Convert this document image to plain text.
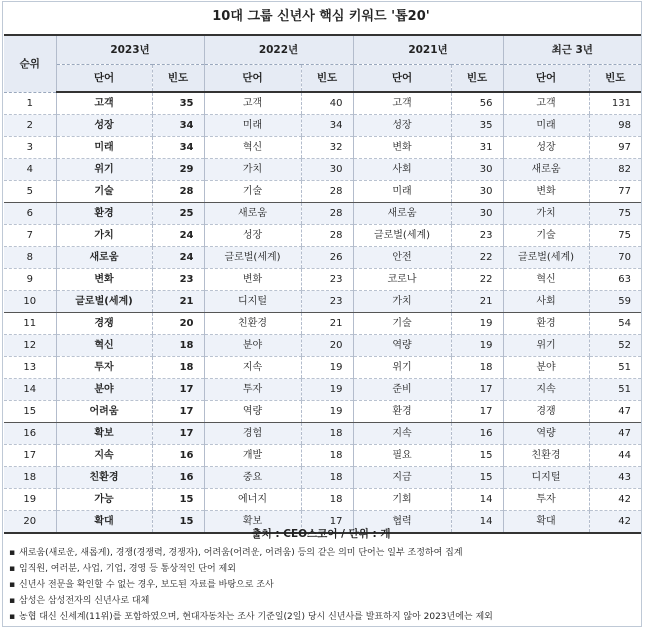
10대 그룹 신년사 핵심 키워드 '톱20'
순위	2023년		2022년		2021년		최근 3년	
	단어	빈도	단어	빈도	단어	빈도	단어	빈도
1	고객	35	고객	40	고객	56	고객	131
2	성장	34	미래	34	성장	35	미래	98
3	미래	34	혁신	32	변화	31	성장	97
4	위기	29	가치	30	사회	30	새로움	82
5	기술	28	기술	28	미래	30	변화	77
6	환경	25	새로움	28	새로움	30	가치	75
7	가치	24	성장	28	글로벌(세계)	23	기술	75
8	새로움	24	글로벌(세계)	26	안전	22	글로벌(세계)	70
9	변화	23	변화	23	코로나	22	혁신	63
10	글로벌(세계)	21	디지털	23	가치	21	사회	59
11	경쟁	20	친환경	21	기술	19	환경	54
12	혁신	18	분야	20	역량	19	위기	52
13	투자	18	지속	19	위기	18	분야	51
14	분야	17	투자	19	준비	17	지속	51
15	어려움	17	역량	19	환경	17	경쟁	47
16	확보	17	경험	18	지속	16	역량	47
17	지속	16	개발	18	필요	15	친환경	44
18	친환경	16	중요	18	지금	15	디지털	43
19	가능	15	에너지	18	기회	14	투자	42
20	확대	15	확보	17	협력	14	확대	42
출처 : CEO스코어 / 단위 : 개
▪ 새로움(새로운, 새롭게), 경쟁(경쟁력, 경쟁자), 어려움(어려운, 어려움) 등의 같은 의미 단어는 일부 조정하여 집계
▪ 임직원, 여러분, 사업, 기업, 경영 등 통상적인 단어 제외
▪ 신년사 전문을 확인할 수 없는 경우, 보도된 자료를 바탕으로 조사
▪ 삼성은 삼성전자의 신년사로 대체
▪ 농협 대신 신세계(11위)를 포함하였으며, 현대자동차는 조사 기준일(2일) 당시 신년사를 발표하지 않아 2023년에는 제외
